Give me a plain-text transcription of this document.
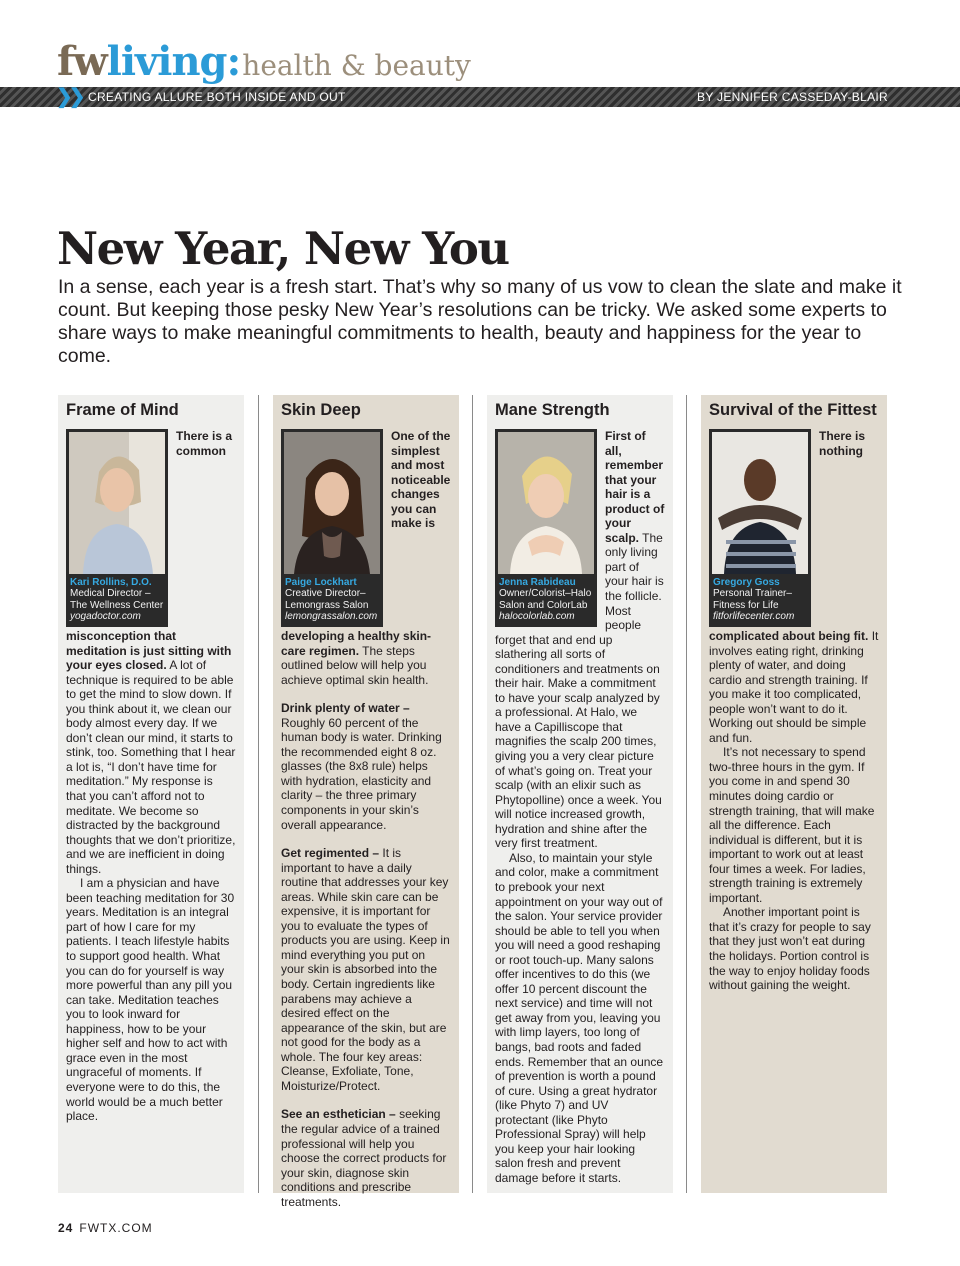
fwliving:health & beauty
❯❯ CREATING ALLURE BOTH INSIDE AND OUT	BY JENNIFER CASSEDAY-BLAIR
New Year, New You

In a sense, each year is a fresh start. That’s why so many of us vow to clean the slate and make it count. But keeping those pesky New Year’s resolutions can be tricky. We asked some experts to share ways to make meaningful commitments to health, beauty and happiness for the year to come.

Frame of Mind
Kari Rollins, D.O.
Medical Director –
The Wellness Center
yogadoctor.com

There is a common misconception that meditation is just sitting with your eyes closed. A lot of technique is required to be able to get the mind to slow down. If you think about it, we clean our body almost every day. If we don’t clean our mind, it starts to stink, too. Something that I hear a lot is, “I don’t have time for meditation.” My response is that you can’t afford not to meditate. We become so distracted by the background thoughts that we don’t prioritize, and we are inefficient in doing things.

I am a physician and have been teaching meditation for 30 years. Meditation is an integral part of how I care for my patients. I teach lifestyle habits to support good health. What you can do for yourself is way more powerful than any pill you can take. Meditation teaches you to look inward for happiness, how to be your higher self and how to act with grace even in the most ungraceful of moments. If everyone were to do this, the world would be a much better place.

Skin Deep
Paige Lockhart
Creative Director–
Lemongrass Salon
lemongrassalon.com

One of the simplest and most noticeable changes you can make is developing a healthy skin-care regimen. The steps outlined below will help you achieve optimal skin health.

Drink plenty of water – Roughly 60 percent of the human body is water. Drinking the recommended eight 8 oz. glasses (the 8x8 rule) helps with hydration, elasticity and clarity – the three primary components in your skin’s overall appearance.

Get regimented – It is important to have a daily routine that addresses your key areas. While skin care can be expensive, it is important for you to evaluate the types of products you are using. Keep in mind everything you put on your skin is absorbed into the body. Certain ingredients like parabens may achieve a desired effect on the appearance of the skin, but are not good for the body as a whole. The four key areas: Cleanse, Exfoliate, Tone, Moisturize/Protect.

See an esthetician – seeking the regular advice of a trained professional will help you choose the correct products for your skin, diagnose skin conditions and prescribe treatments.

Mane Strength
Jenna Rabideau
Owner/Colorist–Halo
Salon and ColorLab
halocolorlab.com

First of all, remember that your hair is a product of your scalp. The only living part of your hair is the follicle. Most people forget that and end up slathering all sorts of conditioners and treatments on their hair. Make a commitment to have your scalp analyzed by a professional. At Halo, we have a Capilliscope that magnifies the scalp 200 times, giving you a very clear picture of what’s going on. Treat your scalp (with an elixir such as Phytopolline) once a week. You will notice increased growth, hydration and shine after the very first treatment.

Also, to maintain your style and color, make a commitment to prebook your next appointment on your way out of the salon. Your service provider should be able to tell you when you will need a good reshaping or root touch-up. Many salons offer incentives to do this (we offer 10 percent discount the next service) and time will not get away from you, leaving you with limp layers, too long of bangs, bad roots and faded ends. Remember that an ounce of prevention is worth a pound of cure. Using a great hydrator (like Phyto 7) and UV protectant (like Phyto Professional Spray) will help you keep your hair looking salon fresh and prevent damage before it starts.

Survival of the Fittest
Gregory Goss
Personal Trainer–
Fitness for Life
fitforlifecenter.com

There is nothing complicated about being fit. It involves eating right, drinking plenty of water, and doing cardio and strength training. If you make it too complicated, people won’t want to do it. Working out should be simple and fun.

It’s not necessary to spend two-three hours in the gym. If you come in and spend 30 minutes doing cardio or strength training, that will make all the difference. Each individual is different, but it is important to work out at least four times a week. For ladies, strength training is extremely important.

Another important point is that it’s crazy for people to say that they just won’t eat during the holidays. Portion control is the way to enjoy holiday foods without gaining the weight.

24 FWTX.COM
